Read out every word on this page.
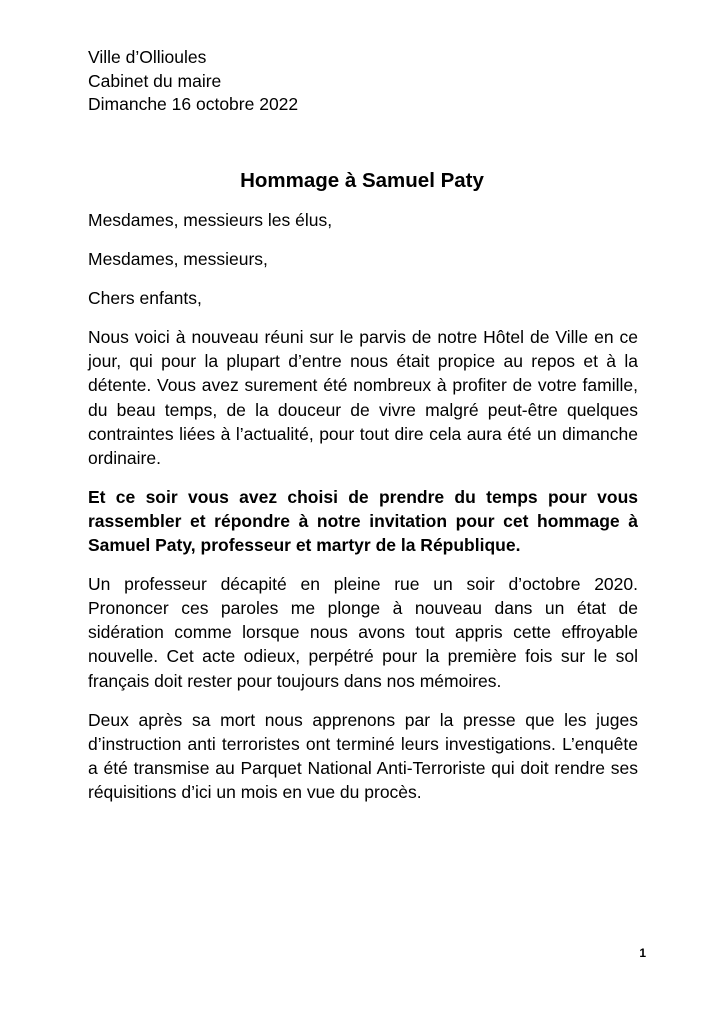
Ville d’Ollioules
Cabinet du maire
Dimanche 16 octobre 2022
Hommage à Samuel Paty

Mesdames, messieurs les élus,

Mesdames, messieurs,

Chers enfants,

Nous voici à nouveau réuni sur le parvis de notre Hôtel de Ville en ce jour, qui pour la plupart d’entre nous était propice au repos et à la détente. Vous avez surement été nombreux à profiter de votre famille, du beau temps, de la douceur de vivre malgré peut-être quelques contraintes liées à l’actualité, pour tout dire cela aura été un dimanche ordinaire.

Et ce soir vous avez choisi de prendre du temps pour vous rassembler et répondre à notre invitation pour cet hommage à Samuel Paty, professeur et martyr de la République.

Un professeur décapité en pleine rue un soir d’octobre 2020. Prononcer ces paroles me plonge à nouveau dans un état de sidération comme lorsque nous avons tout appris cette effroyable nouvelle. Cet acte odieux, perpétré pour la première fois sur le sol français doit rester pour toujours dans nos mémoires.

Deux après sa mort nous apprenons par la presse que les juges d’instruction anti terroristes ont terminé leurs investigations. L’enquête a été transmise au Parquet National Anti-Terroriste qui doit rendre ses réquisitions d’ici un mois en vue du procès.

1
